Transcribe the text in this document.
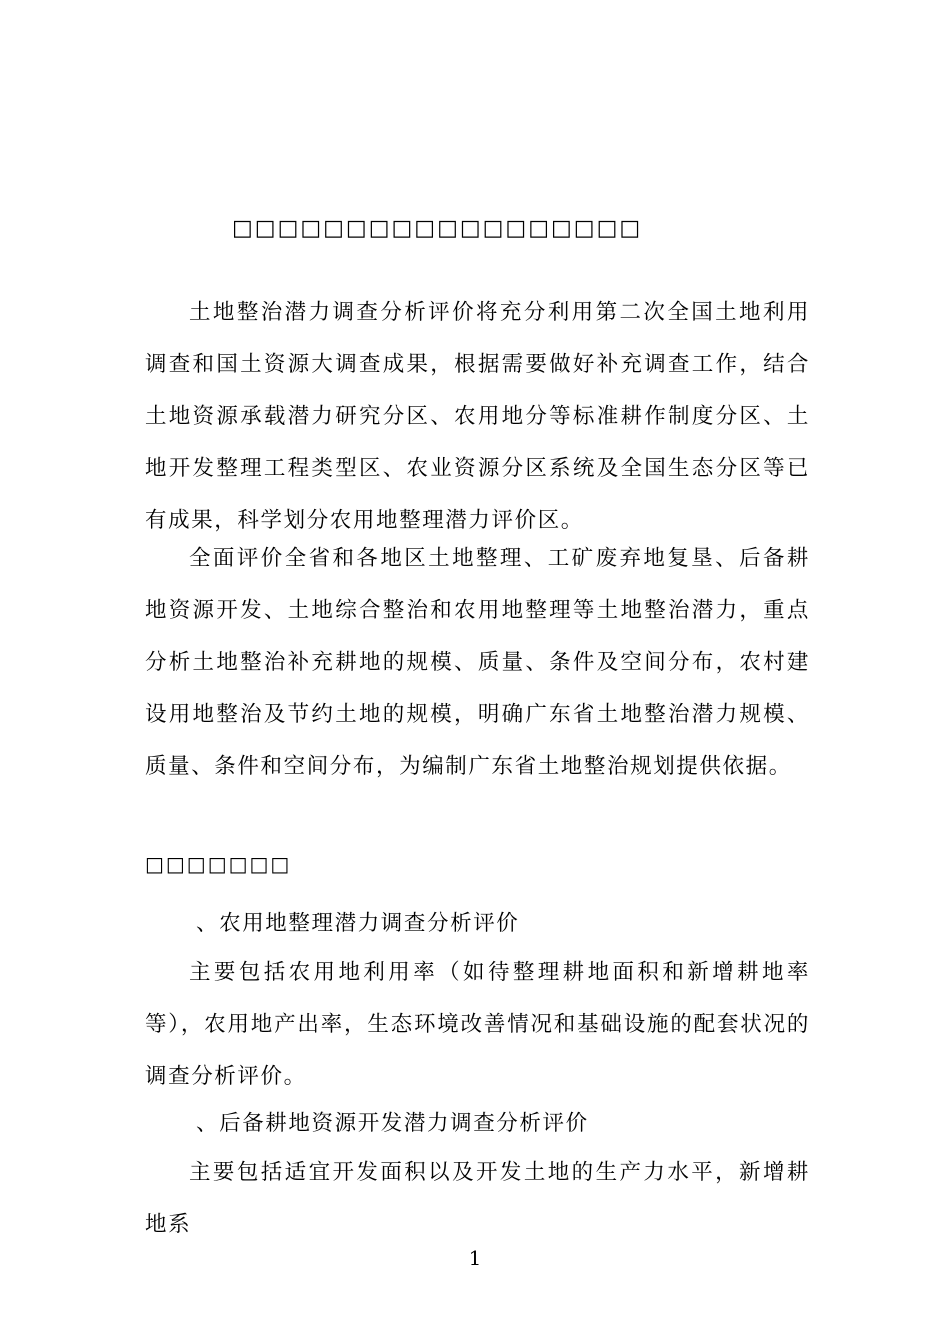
□□□□□□□□□□□□□□□□□□

土地整治潜力调查分析评价将充分利用第二次全国土地利用调查和国土资源大调查成果，根据需要做好补充调查工作，结合土地资源承载潜力研究分区、农用地分等标准耕作制度分区、土地开发整理工程类型区、农业资源分区系统及全国生态分区等已有成果，科学划分农用地整理潜力评价区。

全面评价全省和各地区土地整理、工矿废弃地复垦、后备耕地资源开发、土地综合整治和农用地整理等土地整治潜力，重点分析土地整治补充耕地的规模、质量、条件及空间分布，农村建设用地整治及节约土地的规模，明确广东省土地整治潜力规模、质量、条件和空间分布，为编制广东省土地整治规划提供依据。

□□□□□□□
、农用地整理潜力调查分析评价

主要包括农用地利用率（如待整理耕地面积和新增耕地率等），农用地产出率，生态环境改善情况和基础设施的配套状况的调查分析评价。

、后备耕地资源开发潜力调查分析评价

主要包括适宜开发面积以及开发土地的生产力水平，新增耕地系

1
